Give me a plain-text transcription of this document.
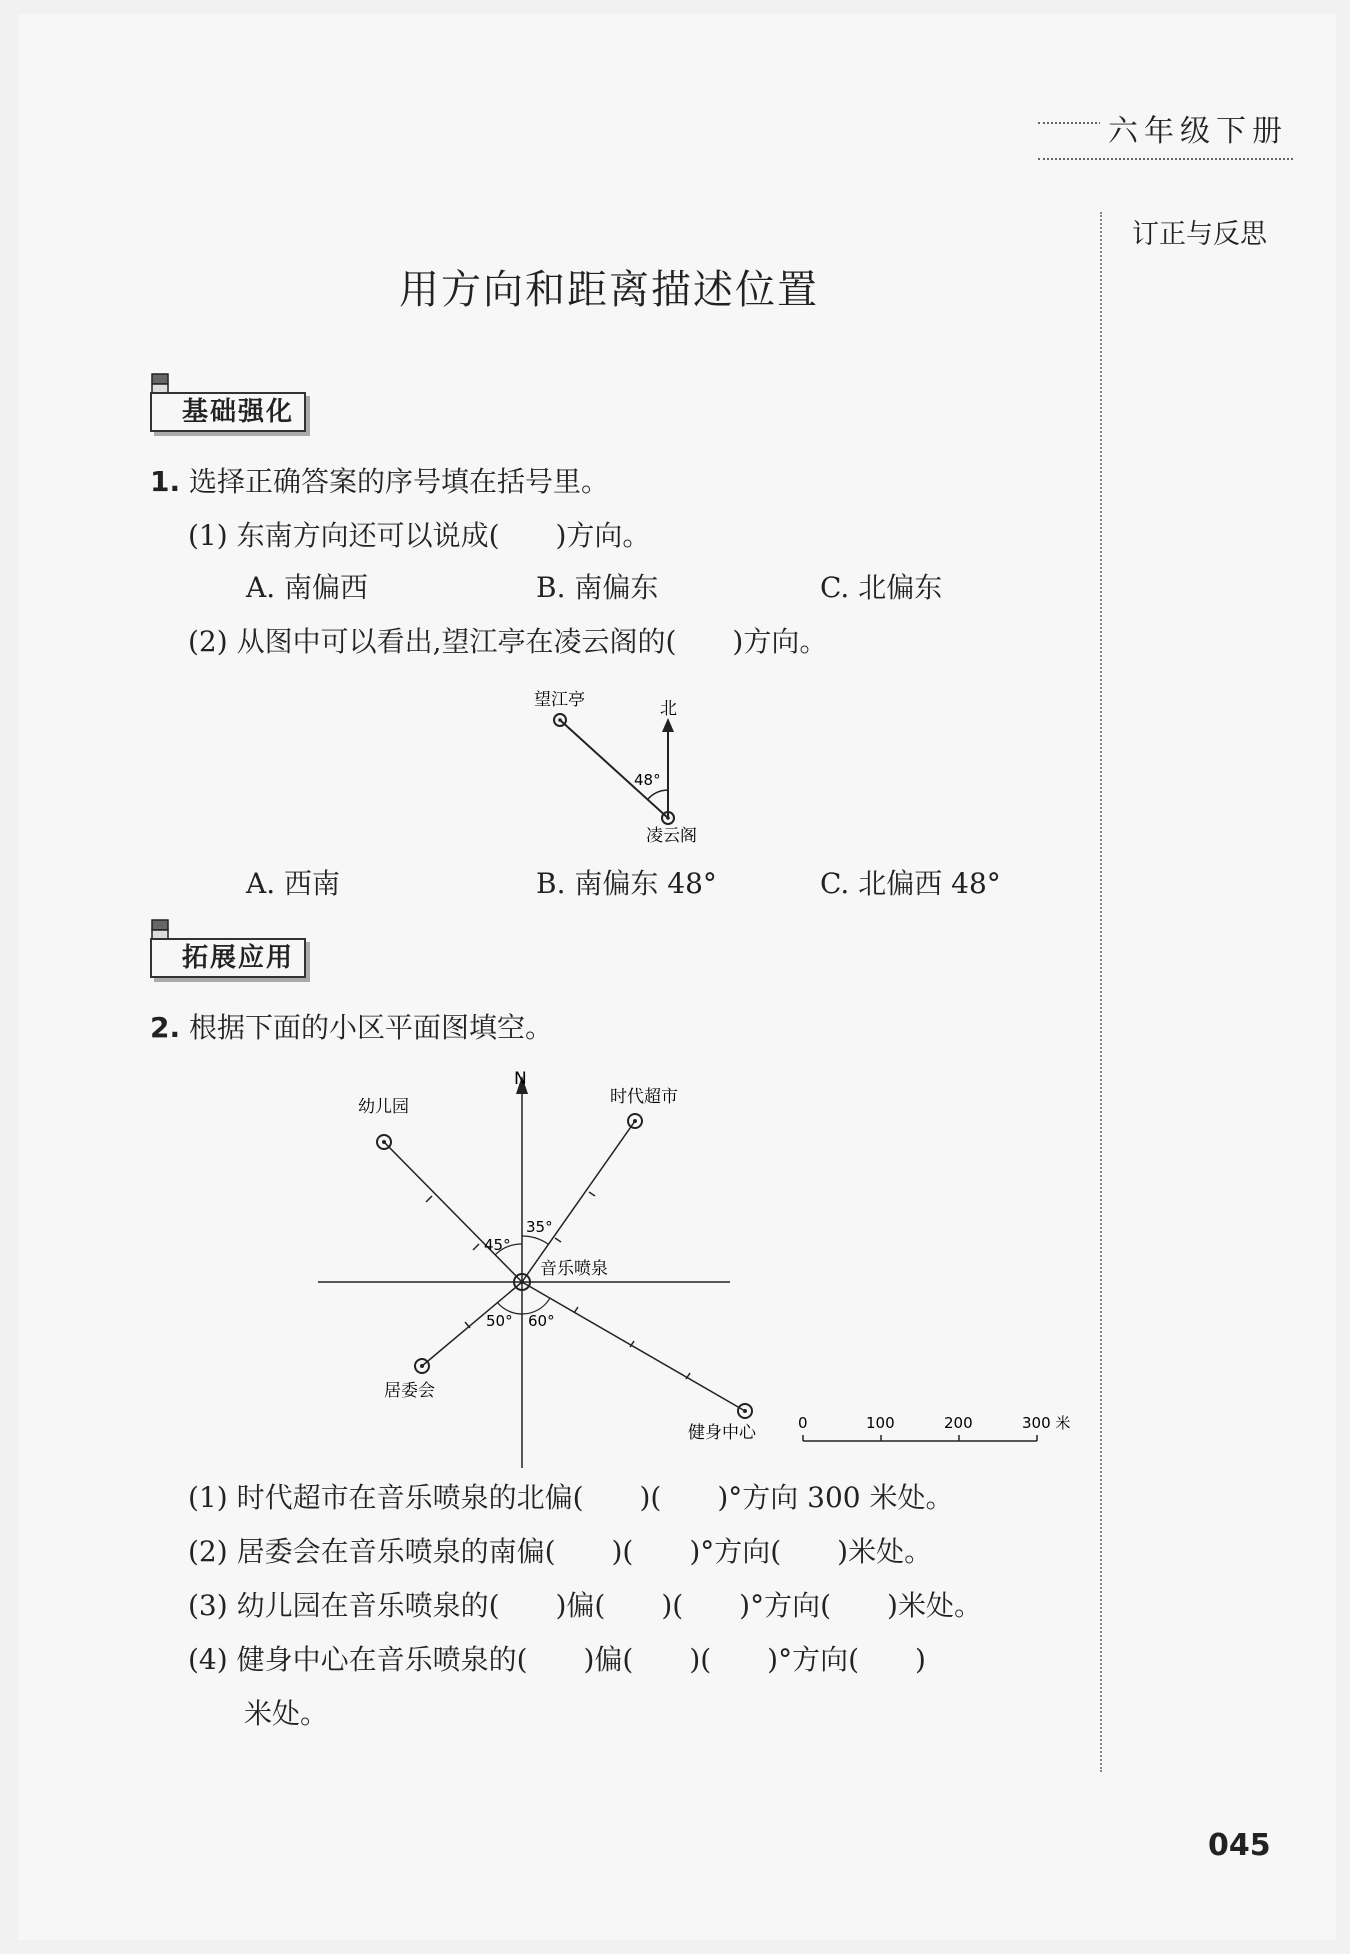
六年级下册
订正与反思
用方向和距离描述位置
基础强化
1. 选择正确答案的序号填在括号里。
(1) 东南方向还可以说成(　　)方向。
A. 南偏西	B. 南偏东	C. 北偏东
(2) 从图中可以看出,望江亭在凌云阁的(　　)方向。
望江亭	北
48°
凌云阁
A. 西南	B. 南偏东 48°	C. 北偏西 48°
拓展应用
2. 根据下面的小区平面图填空。
N
45°
35°
50° 60°
幼儿园	时代超市
音乐喷泉
居委会
健身中心	0	100	200	300 米
(1) 时代超市在音乐喷泉的北偏(　　)(　　)°方向 300 米处。
(2) 居委会在音乐喷泉的南偏(　　)(　　)°方向(　　)米处。
(3) 幼儿园在音乐喷泉的(　　)偏(　　)(　　)°方向(　　)米处。
(4) 健身中心在音乐喷泉的(　　)偏(　　)(　　)°方向(　　)
米处。
045
